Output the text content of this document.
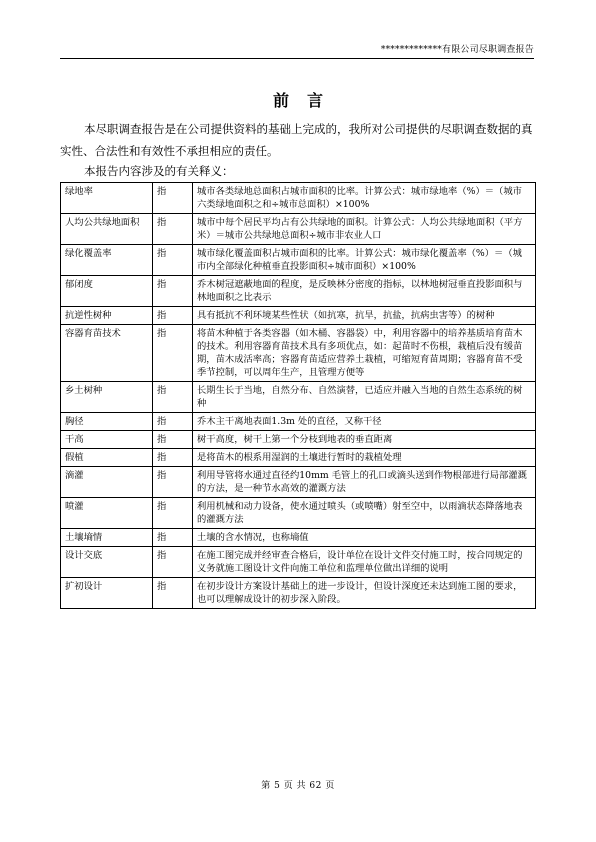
*************有限公司尽职调查报告
前言

本尽职调查报告是在公司提供资料的基础上完成的，我所对公司提供的尽职调查数据的真实性、合法性和有效性不承担相应的责任。

本报告内容涉及的有关释义：
绿地率	指	城市各类绿地总面积占城市面积的比率。计算公式：城市绿地率（%）＝（城市六类绿地面积之和÷城市总面积）×100%
人均公共绿地面积	指	城市中每个居民平均占有公共绿地的面积。计算公式：人均公共绿地面积（平方米）＝城市公共绿地总面积÷城市非农业人口
绿化覆盖率	指	城市绿化覆盖面积占城市面积的比率。计算公式：城市绿化覆盖率（%）＝（城市内全部绿化种植垂直投影面积÷城市面积）×100%
郁闭度	指	乔木树冠遮蔽地面的程度，是反映林分密度的指标，以林地树冠垂直投影面积与林地面积之比表示
抗逆性树种	指	具有抵抗不利环境某些性状（如抗寒，抗旱，抗盐，抗病虫害等）的树种
容器育苗技术	指	将苗木种植于各类容器（如木桶、容器袋）中，利用容器中的培养基质培育苗木的技术。利用容器育苗技术具有多项优点，如：起苗时不伤根，栽植后没有缓苗期，苗木成活率高；容器育苗适应营养土栽植，可缩短育苗周期；容器育苗不受季节控制，可以周年生产，且管理方便等
乡土树种	指	长期生长于当地，自然分布、自然演替，已适应并融入当地的自然生态系统的树种
胸径	指	乔木主干离地表面1.3m 处的直径，又称干径
干高	指	树干高度，树干上第一个分枝到地表的垂直距离
假植	指	是将苗木的根系用湿润的土壤进行暂时的栽植处理
滴灌	指	利用导管将水通过直径约10mm 毛管上的孔口或滴头送到作物根部进行局部灌溉的方法，是一种节水高效的灌溉方法
喷灌	指	利用机械和动力设备，使水通过喷头（或喷嘴）射至空中，以雨滴状态降落地表的灌溉方法
土壤墒情	指	土壤的含水情况，也称墒值
设计交底	指	在施工图完成并经审查合格后，设计单位在设计文件交付施工时，按合同规定的义务就施工图设计文件向施工单位和监理单位做出详细的说明
扩初设计	指	在初步设计方案设计基础上的进一步设计，但设计深度还未达到施工图的要求，也可以理解成设计的初步深入阶段。
第 5 页 共 62 页
